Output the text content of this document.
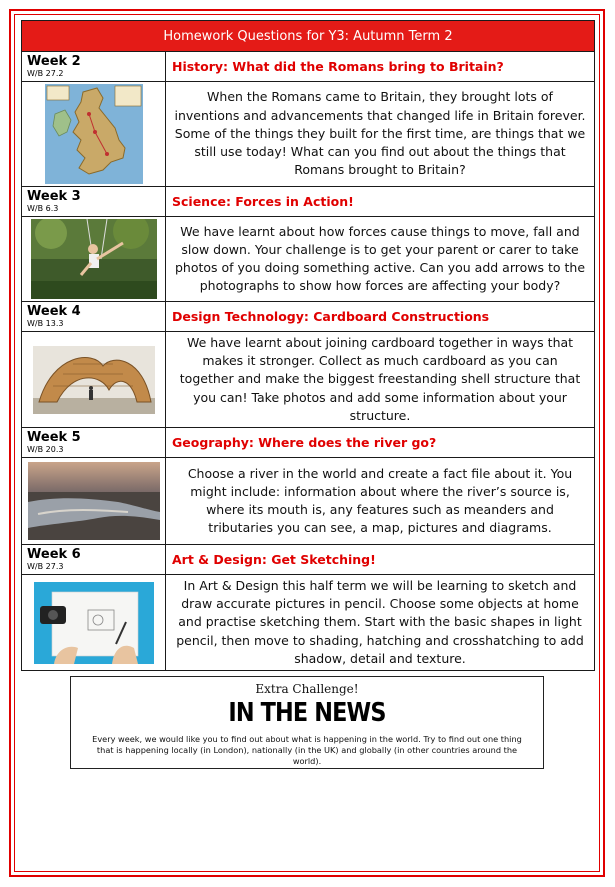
Homework Questions for Y3: Autumn Term 2	

Week 2
W/B 27.2	History: What did the Romans bring to Britain?

	When the Romans came to Britain, they brought lots of inventions and advancements that changed life in Britain forever. Some of the things they built for the first time, are things that we still use today! What can you find out about the things that Romans brought to Britain?

Week 3
W/B 6.3	Science: Forces in Action!

	We have learnt about how forces cause things to move, fall and slow down. Your challenge is to get your parent or carer to take photos of you doing something active. Can you add arrows to the photographs to show how forces are affecting your body?

Week 4
W/B 13.3	Design Technology: Cardboard Constructions

	We have learnt about joining cardboard together in ways that makes it stronger. Collect as much cardboard as you can together and make the biggest freestanding shell structure that you can! Take photos and add some information about your structure.

Week 5
W/B 20.3	Geography: Where does the river go?

	Choose a river in the world and create a fact file about it. You might include: information about where the river’s source is, where its mouth is, any features such as meanders and tributaries you can see, a map, pictures and diagrams.

Week 6
W/B 27.3	Art & Design: Get Sketching!

	In Art & Design this half term we will be learning to sketch and draw accurate pictures in pencil. Choose some objects at home and practise sketching them. Start with the basic shapes in light pencil, then move to shading, hatching and crosshatching to add shadow, detail and texture.
Extra Challenge!
IN THE NEWS
Every week, we would like you to find out about what is happening in the world. Try to find out one thing that is happening locally (in London), nationally (in the UK) and globally (in other countries around the world).
